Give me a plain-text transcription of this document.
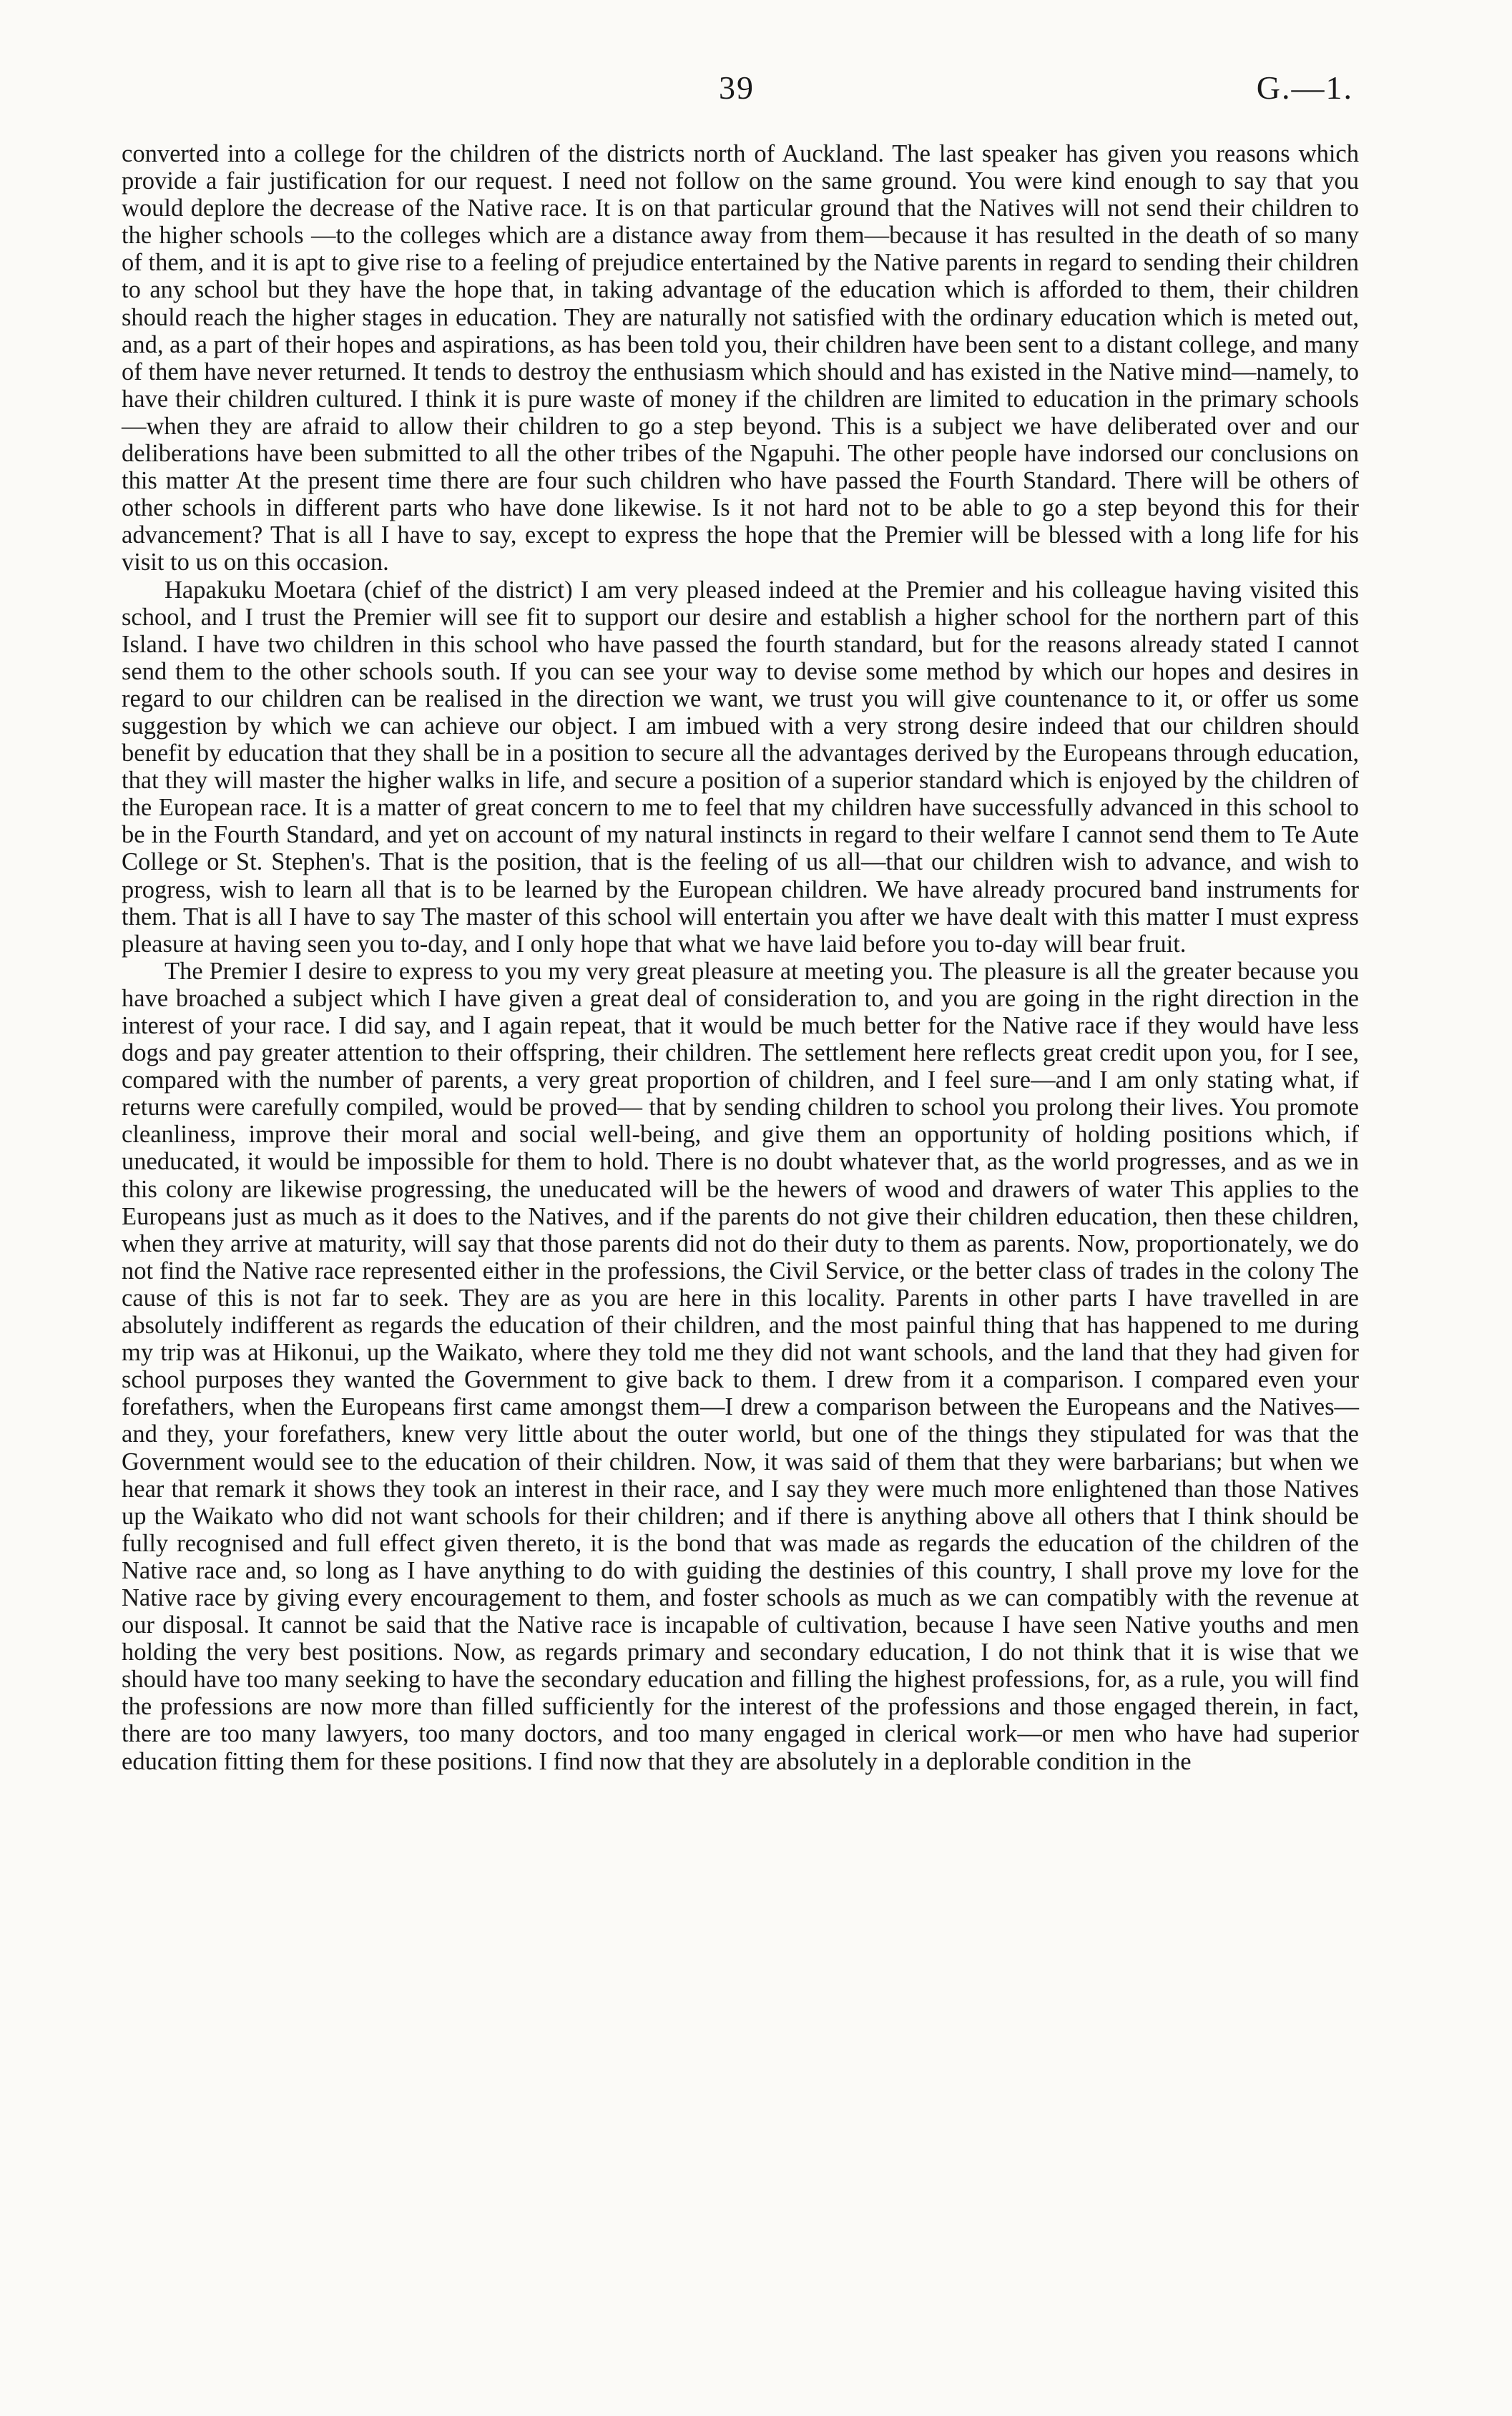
39	G.—1.

converted into a college for the children of the districts north of Auckland. The last speaker has given you reasons which provide a fair justification for our request. I need not follow on the same ground. You were kind enough to say that you would deplore the decrease of the Native race. It is on that particular ground that the Natives will not send their children to the higher schools —to the colleges which are a distance away from them—because it has resulted in the death of so many of them, and it is apt to give rise to a feeling of prejudice entertained by the Native parents in regard to sending their children to any school but they have the hope that, in taking advantage of the education which is afforded to them, their children should reach the higher stages in education. They are naturally not satisfied with the ordinary education which is meted out, and, as a part of their hopes and aspirations, as has been told you, their children have been sent to a distant college, and many of them have never returned. It tends to destroy the enthusiasm which should and has existed in the Native mind—namely, to have their children cultured. I think it is pure waste of money if the children are limited to education in the primary schools—when they are afraid to allow their children to go a step beyond. This is a subject we have deliberated over and our deliberations have been submitted to all the other tribes of the Ngapuhi. The other people have indorsed our conclusions on this matter At the present time there are four such children who have passed the Fourth Standard. There will be others of other schools in different parts who have done likewise. Is it not hard not to be able to go a step beyond this for their advancement? That is all I have to say, except to express the hope that the Premier will be blessed with a long life for his visit to us on this occasion.

Hapakuku Moetara (chief of the district) I am very pleased indeed at the Premier and his colleague having visited this school, and I trust the Premier will see fit to support our desire and establish a higher school for the northern part of this Island. I have two children in this school who have passed the fourth standard, but for the reasons already stated I cannot send them to the other schools south. If you can see your way to devise some method by which our hopes and desires in regard to our children can be realised in the direction we want, we trust you will give countenance to it, or offer us some suggestion by which we can achieve our object. I am imbued with a very strong desire indeed that our children should benefit by education that they shall be in a position to secure all the advantages derived by the Europeans through education, that they will master the higher walks in life, and secure a position of a superior standard which is enjoyed by the children of the European race. It is a matter of great concern to me to feel that my children have successfully advanced in this school to be in the Fourth Standard, and yet on account of my natural instincts in regard to their welfare I cannot send them to Te Aute College or St. Stephen's. That is the position, that is the feeling of us all—that our children wish to advance, and wish to progress, wish to learn all that is to be learned by the European children. We have already procured band instruments for them. That is all I have to say The master of this school will entertain you after we have dealt with this matter I must express pleasure at having seen you to-day, and I only hope that what we have laid before you to-day will bear fruit.

The Premier I desire to express to you my very great pleasure at meeting you. The pleasure is all the greater because you have broached a subject which I have given a great deal of consideration to, and you are going in the right direction in the interest of your race. I did say, and I again repeat, that it would be much better for the Native race if they would have less dogs and pay greater attention to their offspring, their children. The settlement here reflects great credit upon you, for I see, compared with the number of parents, a very great proportion of children, and I feel sure—and I am only stating what, if returns were carefully compiled, would be proved— that by sending children to school you prolong their lives. You promote cleanliness, improve their moral and social well-being, and give them an opportunity of holding positions which, if uneducated, it would be impossible for them to hold. There is no doubt whatever that, as the world progresses, and as we in this colony are likewise progressing, the uneducated will be the hewers of wood and drawers of water This applies to the Europeans just as much as it does to the Natives, and if the parents do not give their children education, then these children, when they arrive at maturity, will say that those parents did not do their duty to them as parents. Now, proportionately, we do not find the Native race represented either in the professions, the Civil Service, or the better class of trades in the colony The cause of this is not far to seek. They are as you are here in this locality. Parents in other parts I have travelled in are absolutely indifferent as regards the education of their children, and the most painful thing that has happened to me during my trip was at Hikonui, up the Waikato, where they told me they did not want schools, and the land that they had given for school purposes they wanted the Government to give back to them. I drew from it a comparison. I compared even your forefathers, when the Europeans first came amongst them—I drew a comparison between the Europeans and the Natives—and they, your forefathers, knew very little about the outer world, but one of the things they stipulated for was that the Government would see to the education of their children. Now, it was said of them that they were barbarians; but when we hear that remark it shows they took an interest in their race, and I say they were much more enlightened than those Natives up the Waikato who did not want schools for their children; and if there is anything above all others that I think should be fully recognised and full effect given thereto, it is the bond that was made as regards the education of the children of the Native race and, so long as I have anything to do with guiding the destinies of this country, I shall prove my love for the Native race by giving every encouragement to them, and foster schools as much as we can compatibly with the revenue at our disposal. It cannot be said that the Native race is incapable of cultivation, because I have seen Native youths and men holding the very best positions. Now, as regards primary and secondary education, I do not think that it is wise that we should have too many seeking to have the secondary education and filling the highest professions, for, as a rule, you will find the professions are now more than filled sufficiently for the interest of the professions and those engaged therein, in fact, there are too many lawyers, too many doctors, and too many engaged in clerical work—or men who have had superior education fitting them for these positions. I find now that they are absolutely in a deplorable condition in the
